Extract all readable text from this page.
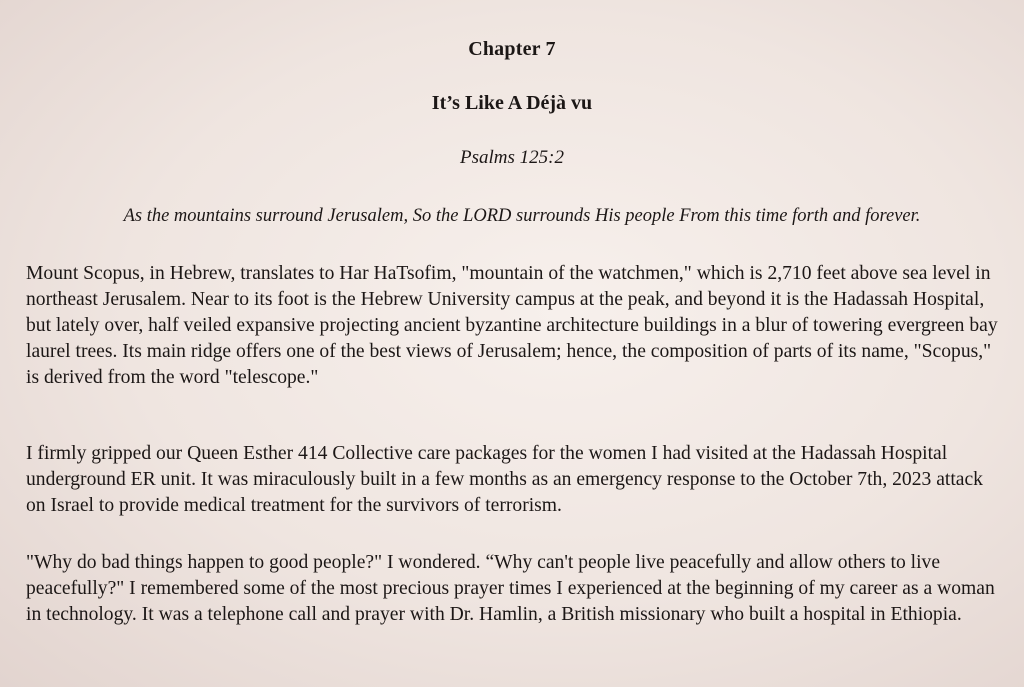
Chapter 7
It’s Like A Déjà vu
Psalms 125:2
As the mountains surround Jerusalem, So the LORD surrounds His people From this time forth and forever.

Mount Scopus, in Hebrew, translates to Har HaTsofim, "mountain of the watchmen," which is 2,710 feet above sea level in northeast Jerusalem. Near to its foot is the Hebrew University campus at the peak, and beyond it is the Hadassah Hospital, but lately over, half veiled expansive projecting ancient byzantine architecture buildings in a blur of towering evergreen bay laurel trees. Its main ridge offers one of the best views of Jerusalem; hence, the composition of parts of its name, "Scopus," is derived from the word "telescope."

I firmly gripped our Queen Esther 414 Collective care packages for the women I had visited at the Hadassah Hospital underground ER unit. It was miraculously built in a few months as an emergency response to the October 7th, 2023 attack on Israel to provide medical treatment for the survivors of terrorism.

"Why do bad things happen to good people?" I wondered. “Why can't people live peacefully and allow others to live peacefully?" I remembered some of the most precious prayer times I experienced at the beginning of my career as a woman in technology. It was a telephone call and prayer with Dr. Hamlin, a British missionary who built a hospital in Ethiopia.
